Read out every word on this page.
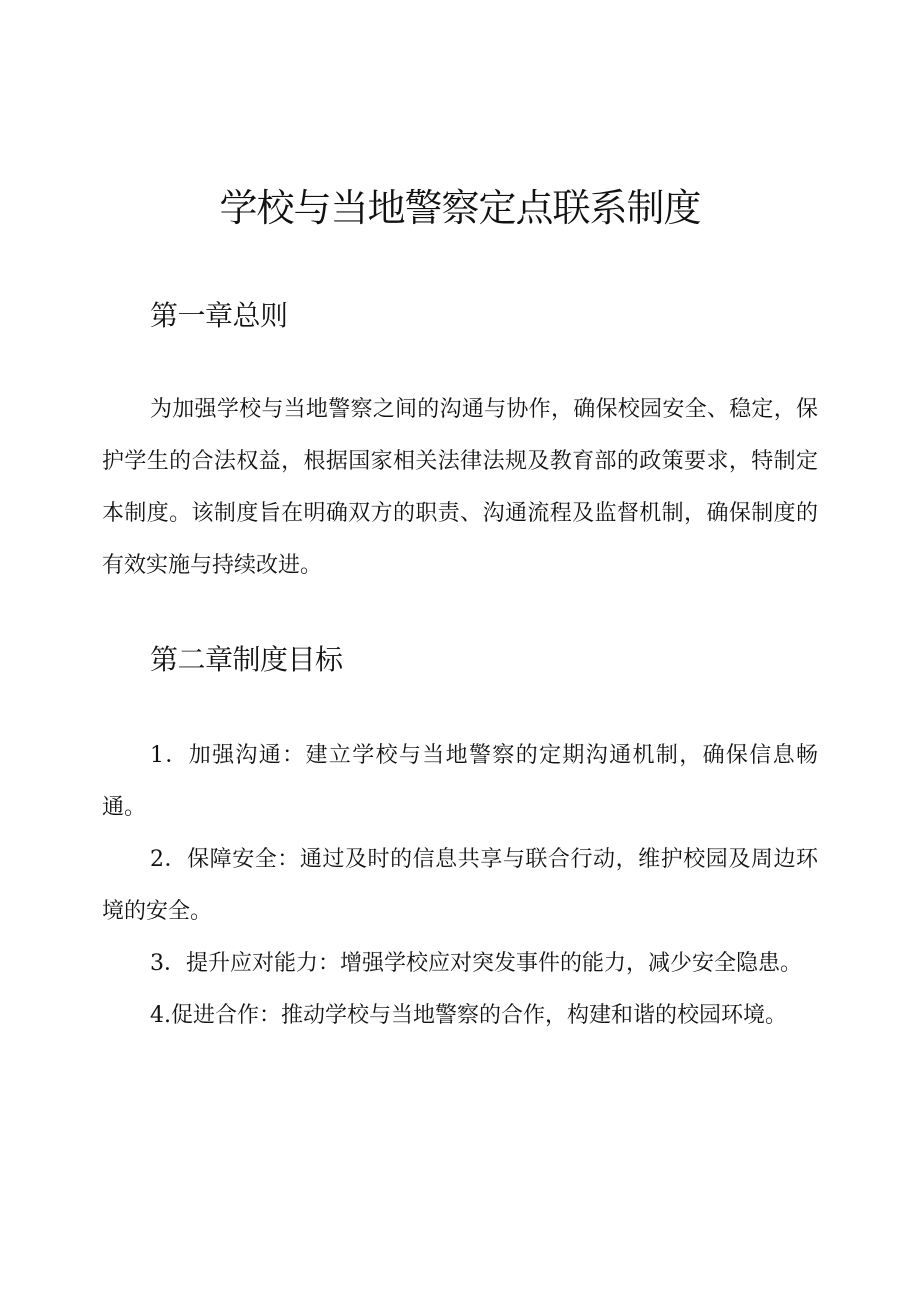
学校与当地警察定点联系制度
第一章总则

为加强学校与当地警察之间的沟通与协作，确保校园安全、稳定，保护学生的合法权益，根据国家相关法律法规及教育部的政策要求，特制定本制度。该制度旨在明确双方的职责、沟通流程及监督机制，确保制度的有效实施与持续改进。

第二章制度目标
1．加强沟通：建立学校与当地警察的定期沟通机制，确保信息畅通。
2．保障安全：通过及时的信息共享与联合行动，维护校园及周边环境的安全。
3．提升应对能力：增强学校应对突发事件的能力，减少安全隐患。
4.促进合作：推动学校与当地警察的合作，构建和谐的校园环境。
